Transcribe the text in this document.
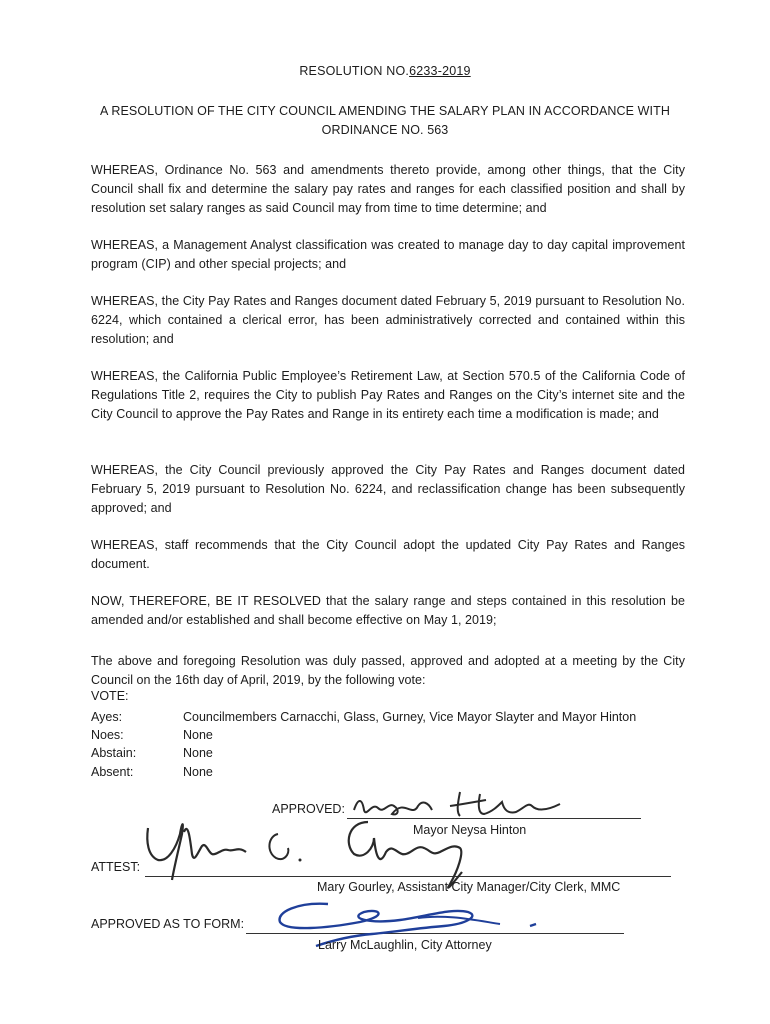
RESOLUTION NO.6233-2019
A RESOLUTION OF THE CITY COUNCIL AMENDING THE SALARY PLAN IN ACCORDANCE WITH ORDINANCE NO. 563
WHEREAS, Ordinance No. 563 and amendments thereto provide, among other things, that the City Council shall fix and determine the salary pay rates and ranges for each classified position and shall by resolution set salary ranges as said Council may from time to time determine; and
WHEREAS, a Management Analyst classification was created to manage day to day capital improvement program (CIP) and other special projects; and
WHEREAS, the City Pay Rates and Ranges document dated February 5, 2019 pursuant to Resolution No. 6224, which contained a clerical error, has been administratively corrected and contained within this resolution; and
WHEREAS, the California Public Employee’s Retirement Law, at Section 570.5 of the California Code of Regulations Title 2, requires the City to publish Pay Rates and Ranges on the City’s internet site and the City Council to approve the Pay Rates and Range in its entirety each time a modification is made; and
WHEREAS, the City Council previously approved the City Pay Rates and Ranges document dated February 5, 2019 pursuant to Resolution No. 6224, and reclassification change has been subsequently approved; and
WHEREAS, staff recommends that the City Council adopt the updated City Pay Rates and Ranges document.
NOW, THEREFORE, BE IT RESOLVED that the salary range and steps contained in this resolution be amended and/or established and shall become effective on May 1, 2019;
The above and foregoing Resolution was duly passed, approved and adopted at a meeting by the City Council on the 16th day of April, 2019, by the following vote:
VOTE:
Ayes:	Councilmembers Carnacchi, Glass, Gurney, Vice Mayor Slayter and Mayor Hinton
Noes:	None
Abstain:	None
Absent:	None
APPROVED:
Mayor Neysa Hinton
ATTEST:
Mary Gourley, Assistant City Manager/City Clerk, MMC
APPROVED AS TO FORM:
Larry McLaughlin, City Attorney
